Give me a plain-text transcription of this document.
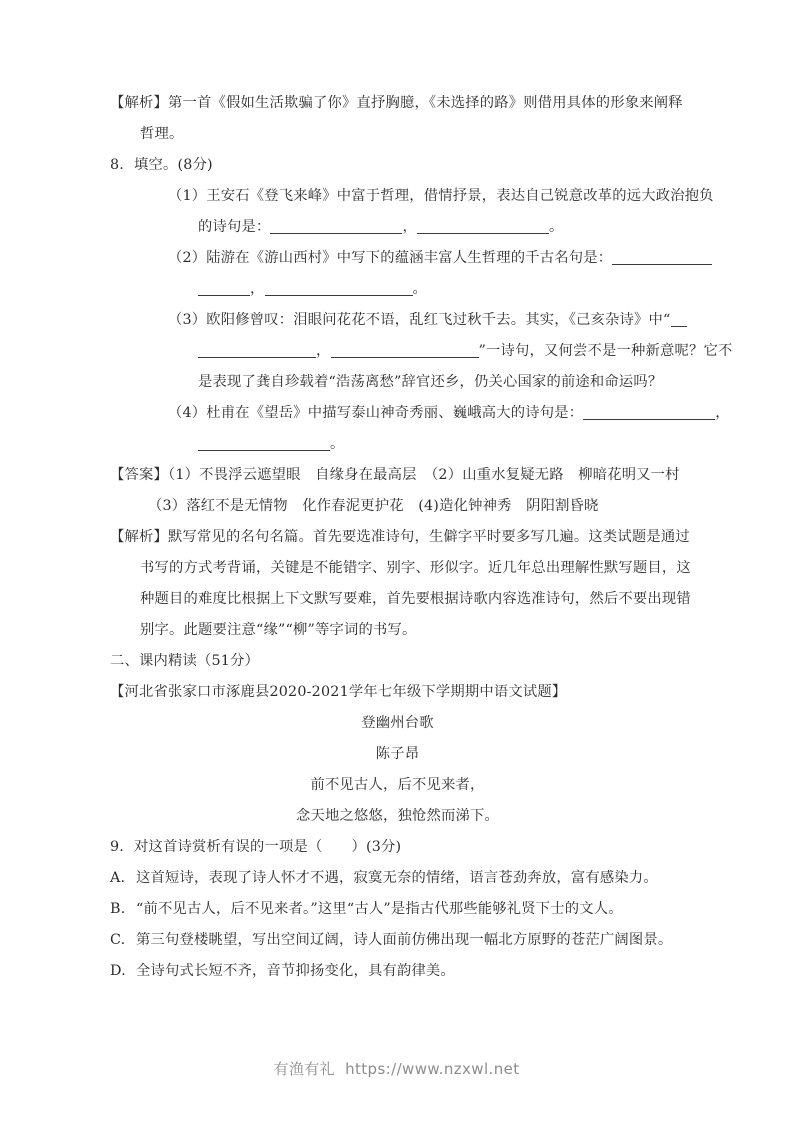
【解析】第一首《假如生活欺骗了你》直抒胸臆，《未选择的路》则借用具体的形象来阐释
哲理。
8. 填空。(8分)
（1）王安石《登飞来峰》中富于哲理，借情抒景，表达自己锐意改革的远大政治抱负
的诗句是：	，	。
（2）陆游在《游山西村》中写下的蕴涵丰富人生哲理的千古名句是：
，	。
（3）欧阳修曾叹：泪眼问花花不语，乱红飞过秋千去。其实，《己亥杂诗》中“
，	”一诗句，又何尝不是一种新意呢？它不
是表现了龚自珍载着“浩荡离愁”辞官还乡，仍关心国家的前途和命运吗？
（4）杜甫在《望岳》中描写泰山神奇秀丽、巍峨高大的诗句是：	，
。
【答案】（1）不畏浮云遮望眼　自缘身在最高层　（2）山重水复疑无路　柳暗花明又一村
（3）落红不是无情物　化作春泥更护花　(4)造化钟神秀　阴阳割昏晓
【解析】默写常见的名句名篇。首先要选准诗句，生僻字平时要多写几遍。这类试题是通过
书写的方式考背诵，关键是不能错字、别字、形似字。近几年总出理解性默写题目，这
种题目的难度比根据上下文默写要难，首先要根据诗歌内容选准诗句，然后不要出现错
别字。此题要注意“缘”“柳”等字词的书写。
二、课内精读（51分）
【河北省张家口市涿鹿县2020-2021学年七年级下学期期中语文试题】
登幽州台歌
陈子昂
前不见古人，后不见来者，
念天地之悠悠，独怆然而涕下。
9. 对这首诗赏析有误的一项是（　　）(3分)
A. 这首短诗，表现了诗人怀才不遇，寂寞无奈的情绪，语言苍劲奔放，富有感染力。
B. “前不见古人，后不见来者。”这里“古人”是指古代那些能够礼贤下士的文人。
C. 第三句登楼眺望，写出空间辽阔，诗人面前仿佛出现一幅北方原野的苍茫广阔图景。
D. 全诗句式长短不齐，音节抑扬变化，具有韵律美。
有渔有礼 https://www.nzxwl.net
